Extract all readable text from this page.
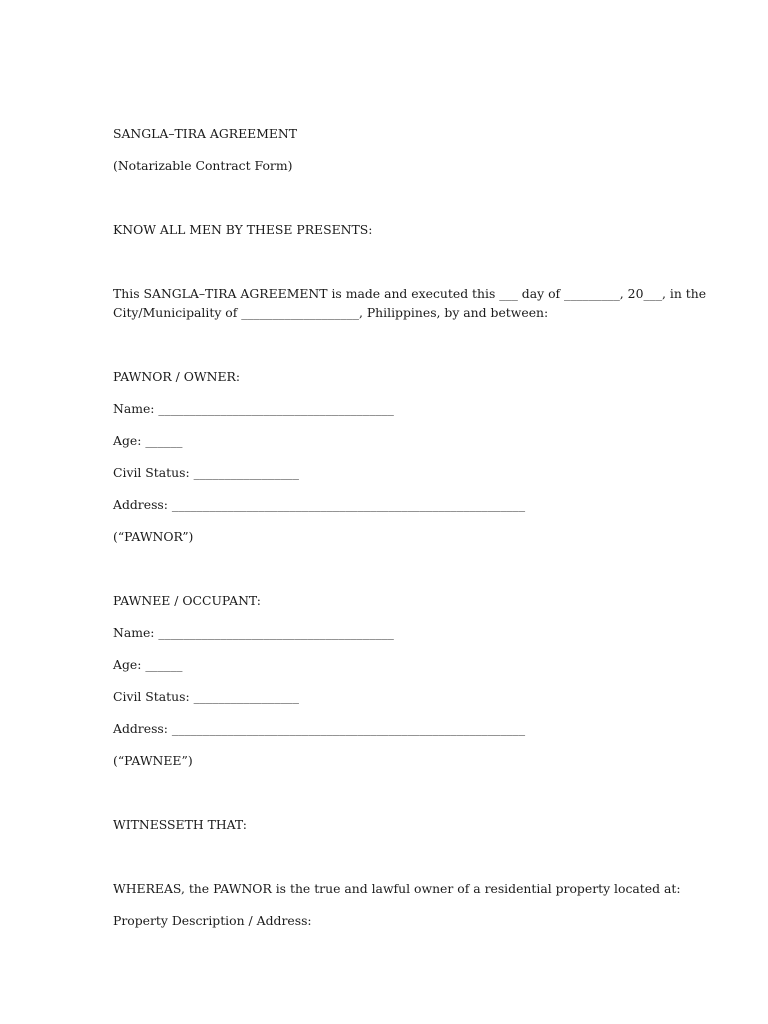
SANGLA–TIRA AGREEMENT
(Notarizable Contract Form)
KNOW ALL MEN BY THESE PRESENTS:
This SANGLA–TIRA AGREEMENT is made and executed this ___ day of _________, 20___, in the
City/Municipality of ___________________, Philippines, by and between:
PAWNOR / OWNER:
Name: ______________________________________
Age: ______
Civil Status: _________________
Address: _________________________________________________________
(“PAWNOR”)
PAWNEE / OCCUPANT:
Name: ______________________________________
Age: ______
Civil Status: _________________
Address: _________________________________________________________
(“PAWNEE”)
WITNESSETH THAT:
WHEREAS, the PAWNOR is the true and lawful owner of a residential property located at:
Property Description / Address:
